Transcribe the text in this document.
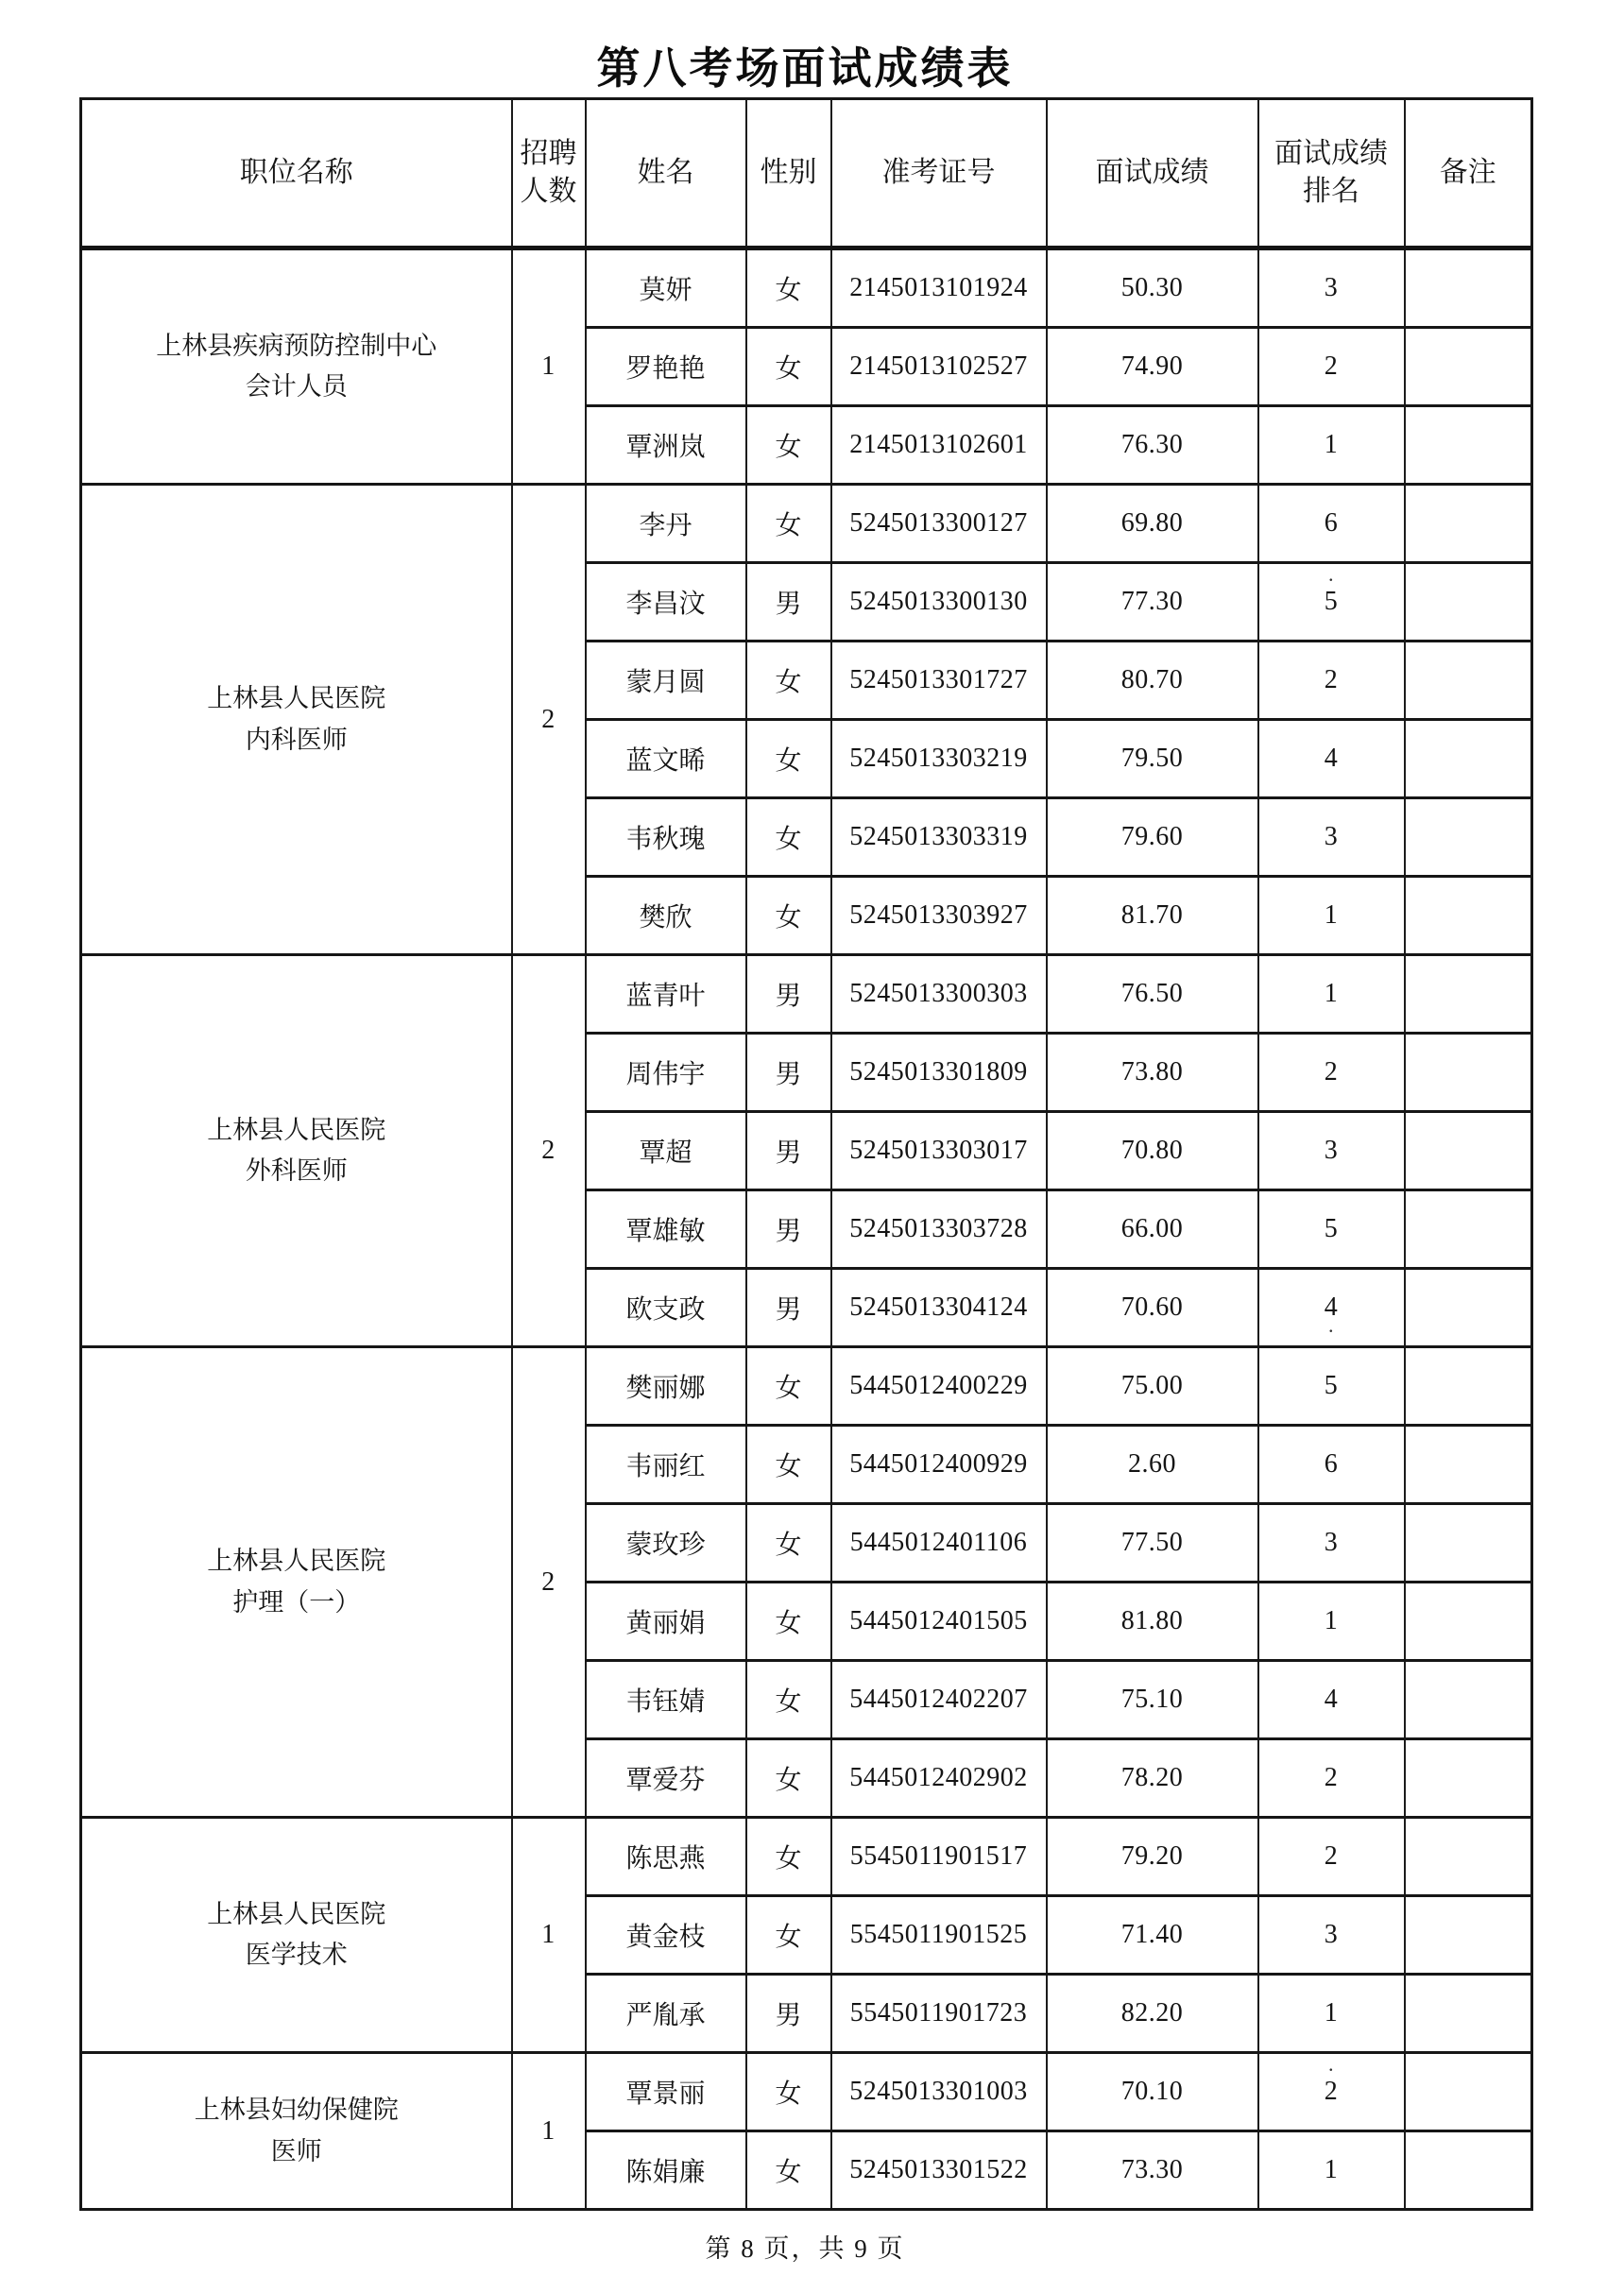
第八考场面试成绩表
职位名称	招聘人数	姓名	性别	准考证号	面试成绩	面试成绩排名	备注

上林县疾病预防控制中心
会计人员	1	莫妍	女	2145013101924	50.30	3	
		罗艳艳	女	2145013102527	74.90	2	
		覃洲岚	女	2145013102601	76.30	1	

上林县人民医院
内科医师	2	李丹	女	5245013300127	69.80	6	
		李昌汶	男	5245013300130	77.30	5 ·	
		蒙月圆	女	5245013301727	80.70	2	
		蓝文晞	女	5245013303219	79.50	4	
		韦秋瑰	女	5245013303319	79.60	3	
		樊欣	女	5245013303927	81.70	1	

上林县人民医院
外科医师	2	蓝青叶	男	5245013300303	76.50	1	
		周伟宇	男	5245013301809	73.80	2	
		覃超	男	5245013303017	70.80	3	
		覃雄敏	男	5245013303728	66.00	5	
		欧支政	男	5245013304124	70.60	4 ·	

上林县人民医院
护理（一）	2	樊丽娜	女	5445012400229	75.00	5	
		韦丽红	女	5445012400929	2.60	6	
		蒙玫珍	女	5445012401106	77.50	3	
		黄丽娟	女	5445012401505	81.80	1	
		韦钰婧	女	5445012402207	75.10	4	
		覃爱芬	女	5445012402902	78.20	2	

上林县人民医院
医学技术	1	陈思燕	女	5545011901517	79.20	2	
		黄金枝	女	5545011901525	71.40	3	
		严胤承	男	5545011901723	82.20	1	

上林县妇幼保健院
医师	1	覃景丽	女	5245013301003	70.10	2 ·	
		陈娟廉	女	5245013301522	73.30	1	
第 8 页，共 9 页
